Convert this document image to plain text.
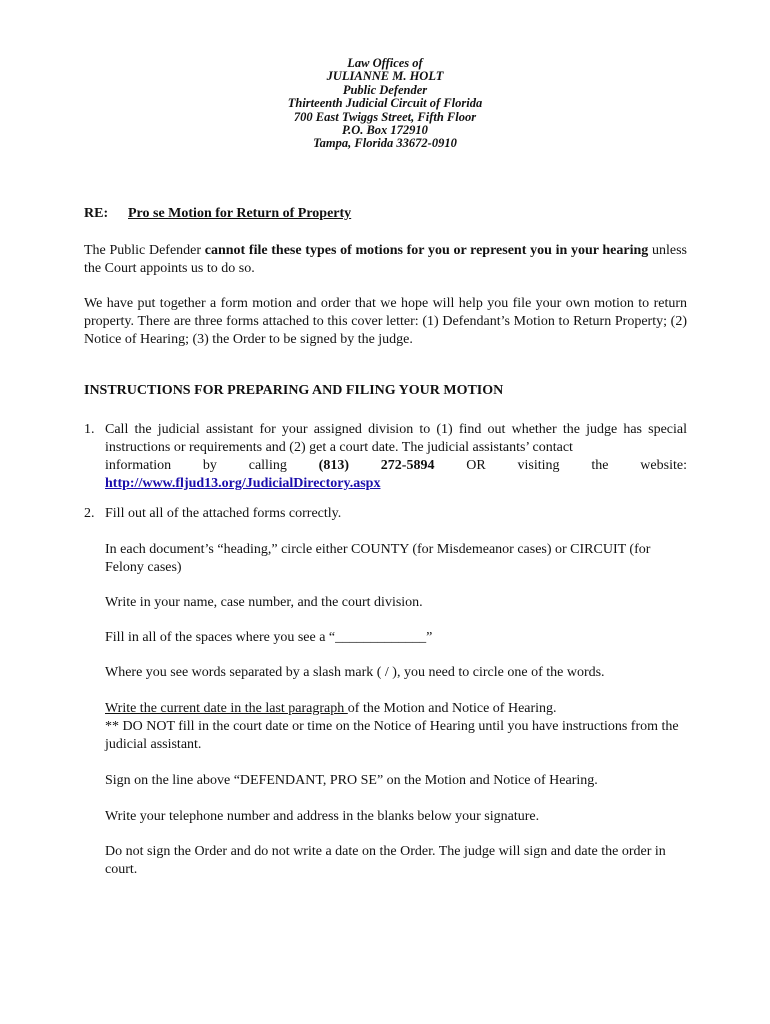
Law Offices of
JULIANNE M. HOLT
Public Defender
Thirteenth Judicial Circuit of Florida
700 East Twiggs Street, Fifth Floor
P.O. Box 172910
Tampa, Florida 33672-0910
RE: Pro se Motion for Return of Property

The Public Defender cannot file these types of motions for you or represent you in your hearing unless the Court appoints us to do so.

We have put together a form motion and order that we hope will help you file your own motion to return property. There are three forms attached to this cover letter: (1) Defendant’s Motion to Return Property; (2) Notice of Hearing; (3) the Order to be signed by the judge.

INSTRUCTIONS FOR PREPARING AND FILING YOUR MOTION
1. Call the judicial assistant for your assigned division to (1) find out whether the judge has special instructions or requirements and (2) get a court date. The judicial assistants’ contact
information by calling (813) 272-5894 OR visiting the website:
http://www.fljud13.org/JudicialDirectory.aspx
2. Fill out all of the attached forms correctly.

In each document’s “heading,” circle either COUNTY (for Misdemeanor cases) or CIRCUIT (for Felony cases)

Write in your name, case number, and the court division.

Fill in all of the spaces where you see a “_____________”

Where you see words separated by a slash mark ( / ), you need to circle one of the words.

Write the current date in the last paragraph of the Motion and Notice of Hearing.

** DO NOT fill in the court date or time on the Notice of Hearing until you have instructions from the judicial assistant.

Sign on the line above “DEFENDANT, PRO SE” on the Motion and Notice of Hearing.

Write your telephone number and address in the blanks below your signature.

Do not sign the Order and do not write a date on the Order. The judge will sign and date the order in court.
